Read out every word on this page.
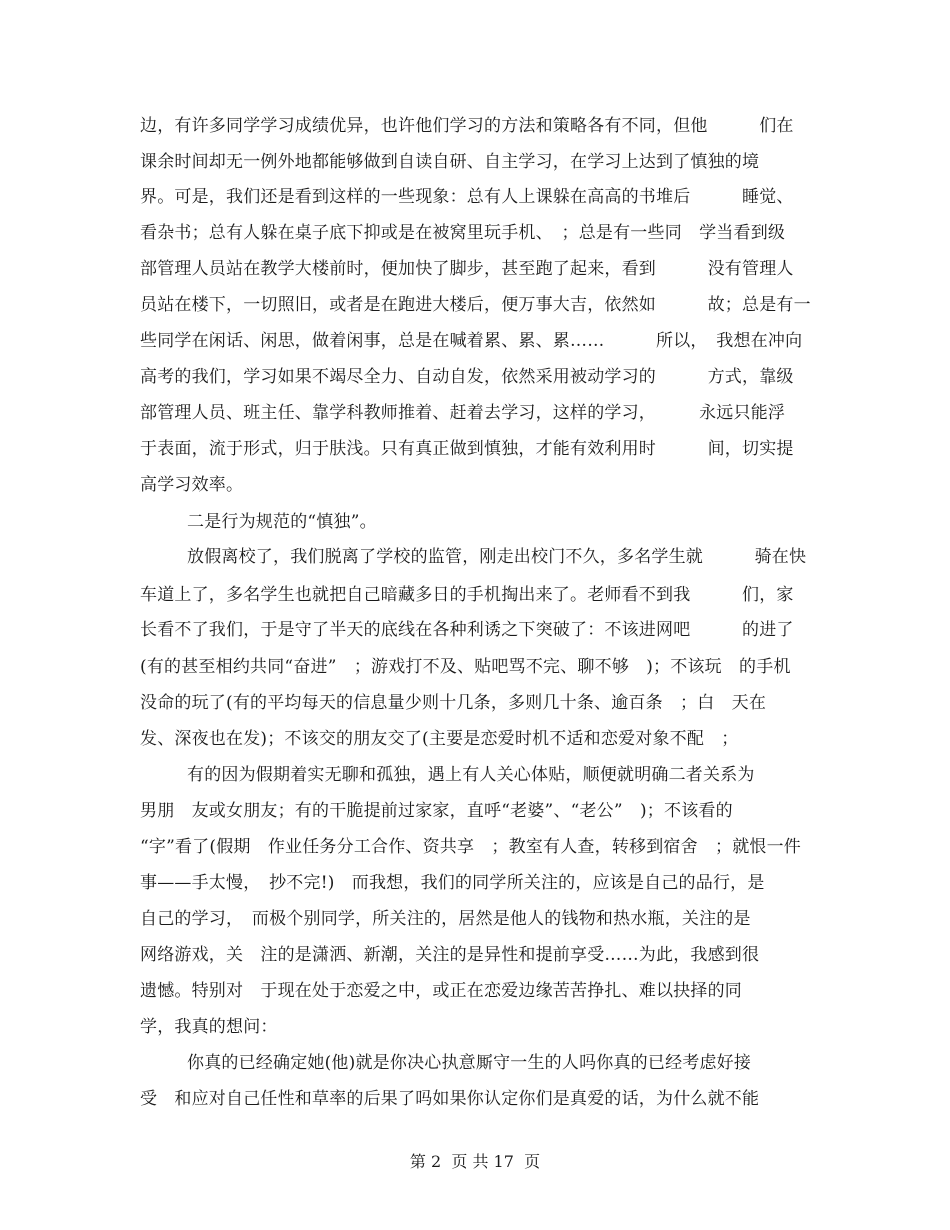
边，有许多同学学习成绩优异，也许他们学习的方法和策略各有不同，但他　　　们在
课余时间却无一例外地都能够做到自读自研、自主学习，在学习上达到了慎独的境
界。可是，我们还是看到这样的一些现象：总有人上课躲在高高的书堆后　　　睡觉、
看杂书；总有人躲在桌子底下抑或是在被窝里玩手机、　；总是有一些同　学当看到级
部管理人员站在教学大楼前时，便加快了脚步，甚至跑了起来，看到　　　没有管理人
员站在楼下，一切照旧，或者是在跑进大楼后，便万事大吉，依然如　　　故；总是有一
些同学在闲话、闲思，做着闲事，总是在喊着累、累、累……　　　所以，　我想在冲向
高考的我们，学习如果不竭尽全力、自动自发，依然采用被动学习的　　　方式，靠级
部管理人员、班主任、靠学科教师推着、赶着去学习，这样的学习，　　　永远只能浮
于表面，流于形式，归于肤浅。只有真正做到慎独，才能有效利用时　　　间，切实提
高学习效率。
二是行为规范的“慎独”。
放假离校了，我们脱离了学校的监管，刚走出校门不久，多名学生就　　　骑在快
车道上了，多名学生也就把自己暗藏多日的手机掏出来了。老师看不到我　　　们，家
长看不了我们，于是守了半天的底线在各种利诱之下突破了：不该进网吧　　　的进了
(有的甚至相约共同“奋进”　；游戏打不及、贴吧骂不完、聊不够　)；不该玩　的手机
没命的玩了(有的平均每天的信息量少则十几条，多则几十条、逾百条　；白　天在
发、深夜也在发)；不该交的朋友交了(主要是恋爱时机不适和恋爱对象不配　；
有的因为假期着实无聊和孤独，遇上有人关心体贴，顺便就明确二者关系为
男朋　友或女朋友；有的干脆提前过家家，直呼“老婆”、“老公”　)；不该看的
“字”看了(假期　作业任务分工合作、资共享　；教室有人查，转移到宿舍　；就恨一件
事——手太慢，　抄不完!)　而我想，我们的同学所关注的，应该是自己的品行，是
自己的学习，　而极个别同学，所关注的，居然是他人的钱物和热水瓶，关注的是
网络游戏，关　注的是潇洒、新潮，关注的是异性和提前享受……为此，我感到很
遗憾。特别对　于现在处于恋爱之中，或正在恋爱边缘苦苦挣扎、难以抉择的同
学，我真的想问：
你真的已经确定她(他)就是你决心执意厮守一生的人吗你真的已经考虑好接
受　和应对自己任性和草率的后果了吗如果你认定你们是真爱的话，为什么就不能
第 2  页 共 17  页
